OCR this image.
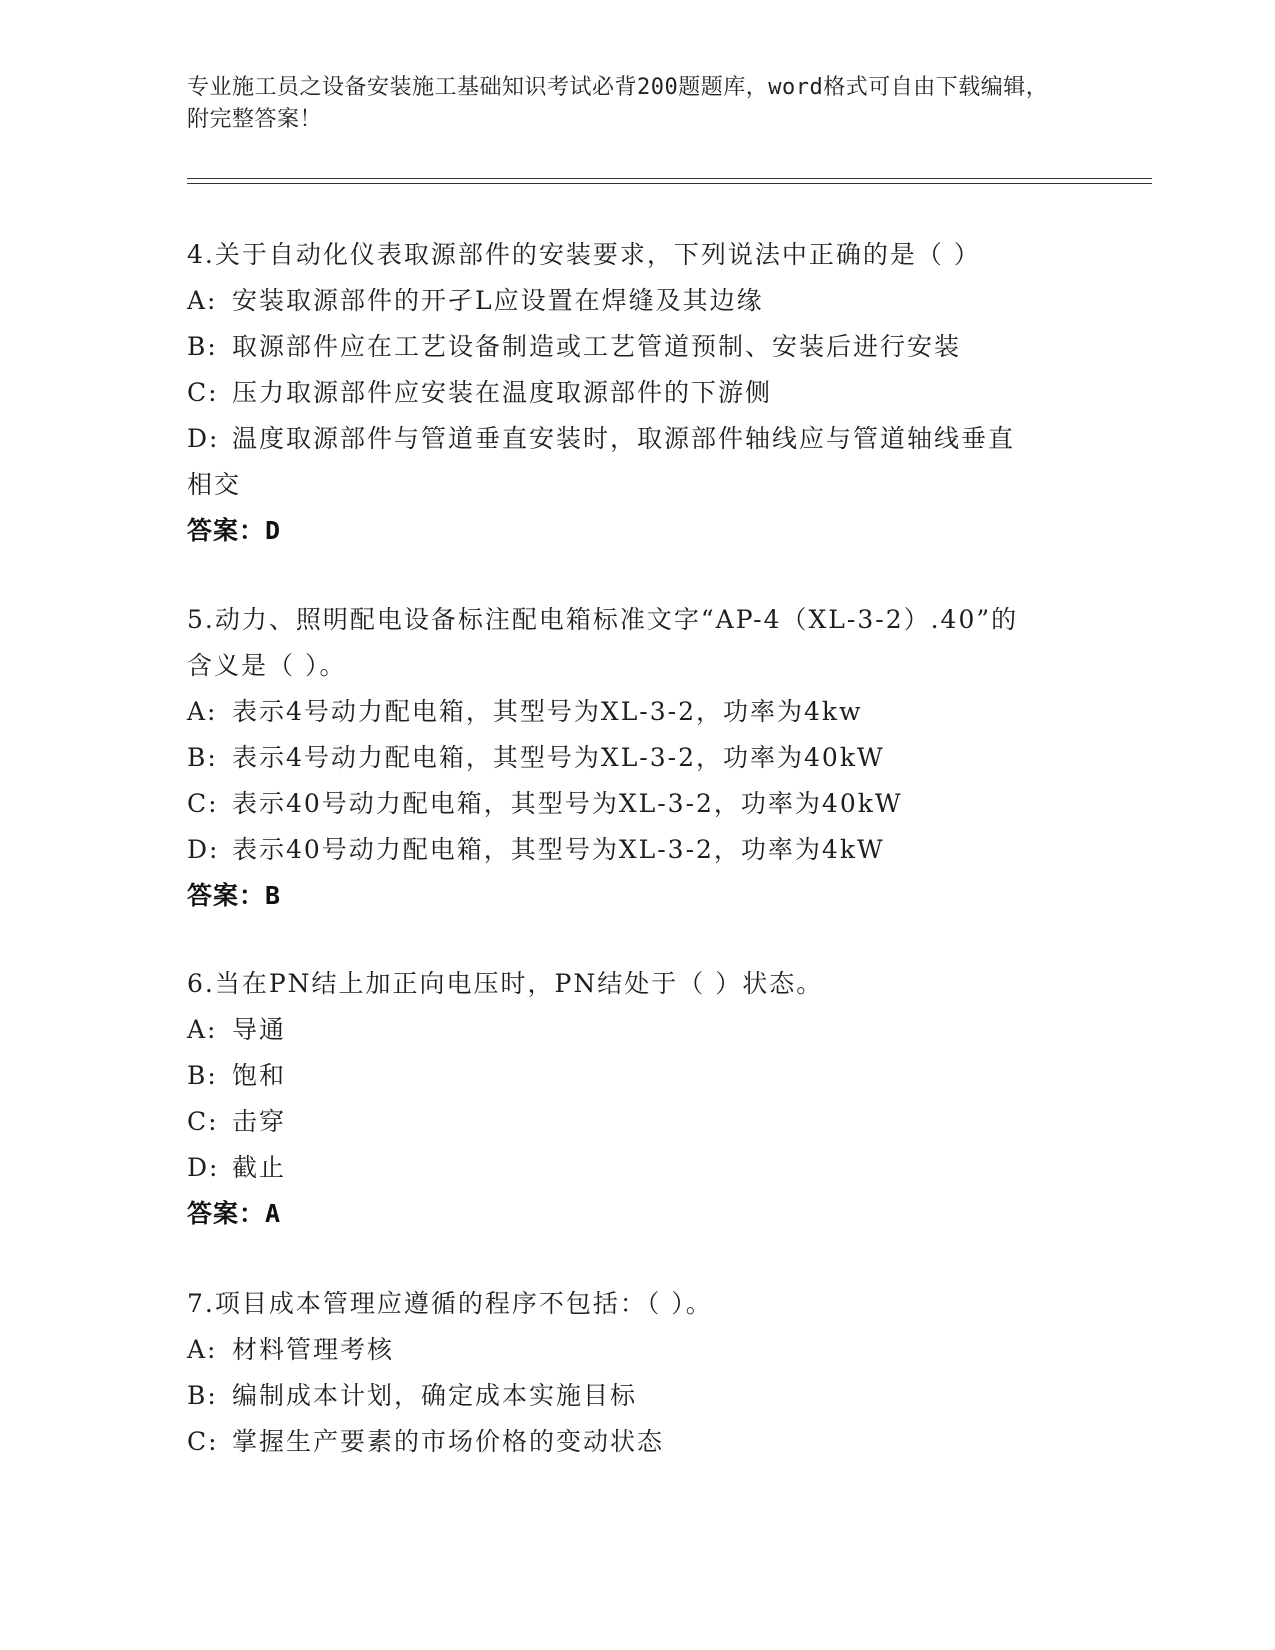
专业施工员之设备安装施工基础知识考试必背200题题库，word格式可自由下载编辑，附完整答案！
4.关于自动化仪表取源部件的安装要求，下列说法中正确的是（ ）
A: 安装取源部件的开孑L应设置在焊缝及其边缘
B: 取源部件应在工艺设备制造或工艺管道预制、安装后进行安装
C: 压力取源部件应安装在温度取源部件的下游侧
D: 温度取源部件与管道垂直安装时，取源部件轴线应与管道轴线垂直
相交
答案：D
5.动力、照明配电设备标注配电箱标准文字“AP-4（XL-3-2）.40”的
含义是（ ）。
A: 表示4号动力配电箱，其型号为XL-3-2，功率为4kw
B: 表示4号动力配电箱，其型号为XL-3-2，功率为40kW
C: 表示40号动力配电箱，其型号为XL-3-2，功率为40kW
D: 表示40号动力配电箱，其型号为XL-3-2，功率为4kW
答案：B
6.当在PN结上加正向电压时，PN结处于（ ）状态。
A: 导通
B: 饱和
C: 击穿
D: 截止
答案：A
7.项目成本管理应遵循的程序不包括：（ ）。
A: 材料管理考核
B: 编制成本计划，确定成本实施目标
C: 掌握生产要素的市场价格的变动状态
